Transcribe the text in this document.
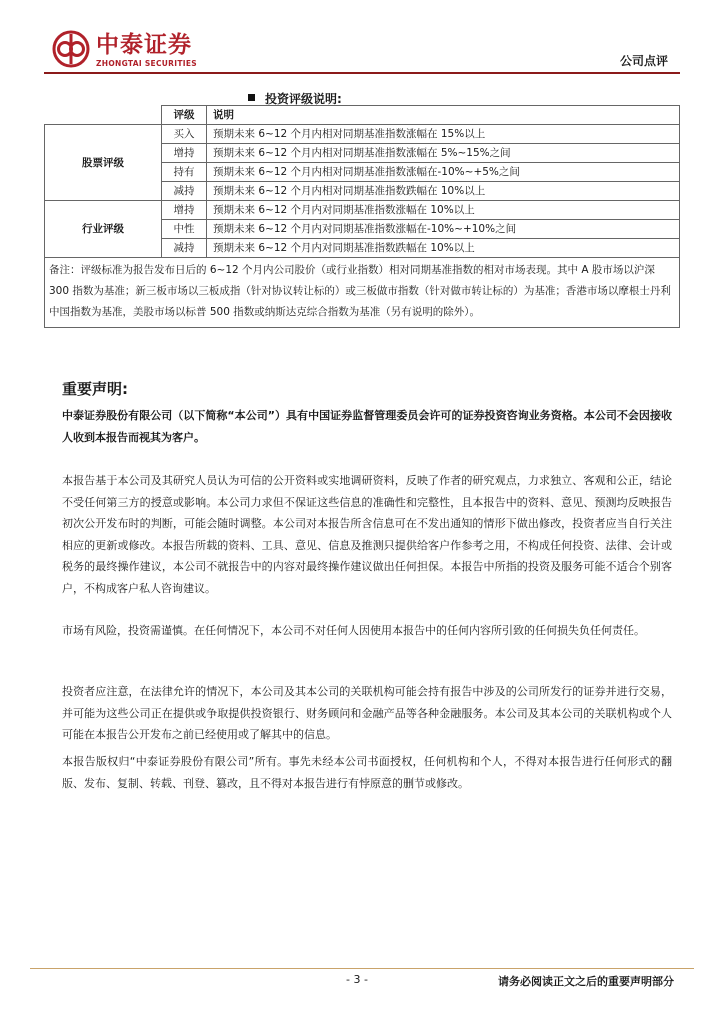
中泰证券
ZHONGTAI SECURITIES	公司点评
投资评级说明:
	评级	说明
股票评级	买入	预期未来 6~12 个月内相对同期基准指数涨幅在 15%以上
	增持	预期未来 6~12 个月内相对同期基准指数涨幅在 5%~15%之间
	持有	预期未来 6~12 个月内相对同期基准指数涨幅在-10%~+5%之间
	减持	预期未来 6~12 个月内相对同期基准指数跌幅在 10%以上
行业评级	增持	预期未来 6~12 个月内对同期基准指数涨幅在 10%以上
	中性	预期未来 6~12 个月内对同期基准指数涨幅在-10%~+10%之间
	减持	预期未来 6~12 个月内对同期基准指数跌幅在 10%以上
备注：评级标准为报告发布日后的 6~12 个月内公司股价（或行业指数）相对同期基准指数的相对市场表现。其中 A 股市场以沪深 300 指数为基准；新三板市场以三板成指（针对协议转让标的）或三板做市指数（针对做市转让标的）为基准；香港市场以摩根士丹利中国指数为基准，美股市场以标普 500 指数或纳斯达克综合指数为基准（另有说明的除外）。		
重要声明:
中泰证券股份有限公司（以下简称“本公司”）具有中国证券监督管理委员会许可的证券投资咨询业务资格。本公司不会因接收人收到本报告而视其为客户。
本报告基于本公司及其研究人员认为可信的公开资料或实地调研资料，反映了作者的研究观点，力求独立、客观和公正，结论不受任何第三方的授意或影响。本公司力求但不保证这些信息的准确性和完整性，且本报告中的资料、意见、预测均反映报告初次公开发布时的判断，可能会随时调整。本公司对本报告所含信息可在不发出通知的情形下做出修改，投资者应当自行关注相应的更新或修改。本报告所载的资料、工具、意见、信息及推测只提供给客户作参考之用，不构成任何投资、法律、会计或税务的最终操作建议，本公司不就报告中的内容对最终操作建议做出任何担保。本报告中所指的投资及服务可能不适合个别客户，不构成客户私人咨询建议。
市场有风险，投资需谨慎。在任何情况下，本公司不对任何人因使用本报告中的任何内容所引致的任何损失负任何责任。
投资者应注意，在法律允许的情况下，本公司及其本公司的关联机构可能会持有报告中涉及的公司所发行的证券并进行交易，并可能为这些公司正在提供或争取提供投资银行、财务顾问和金融产品等各种金融服务。本公司及其本公司的关联机构或个人可能在本报告公开发布之前已经使用或了解其中的信息。
本报告版权归“中泰证券股份有限公司”所有。事先未经本公司书面授权，任何机构和个人，不得对本报告进行任何形式的翻版、发布、复制、转载、刊登、篡改，且不得对本报告进行有悖原意的删节或修改。
- 3 -	请务必阅读正文之后的重要声明部分
